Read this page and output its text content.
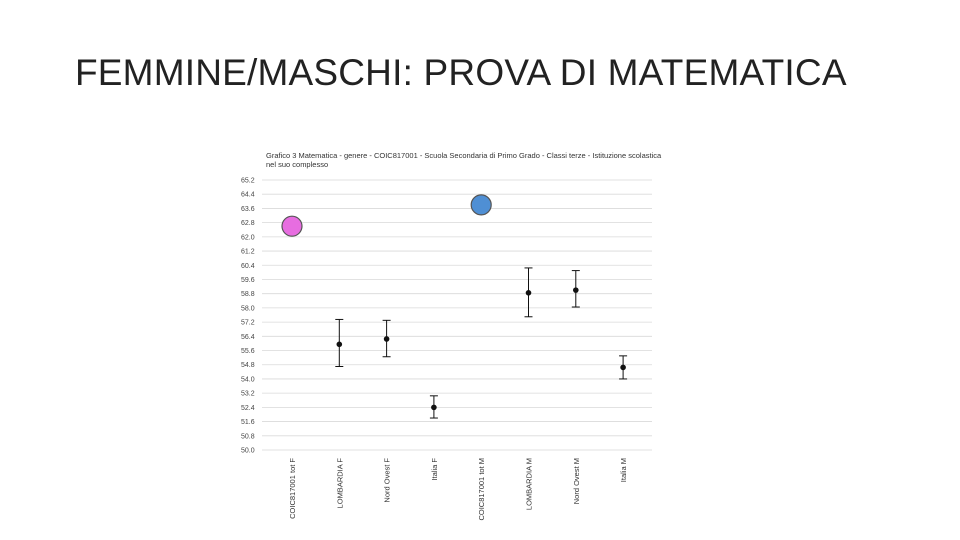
FEMMINE/MASCHI: PROVA DI MATEMATICA
Grafico 3 Matematica - genere - COIC817001 - Scuola Secondaria di Primo Grado - Classi terze - Istituzione scolastica nel suo complesso
50.0
50.8
51.6
52.4
53.2
54.0
54.8
55.6
56.4
57.2
58.0
58.8
59.6
60.4
61.2
62.0
62.8
63.6
64.4
65.2
COIC817001 tot F	LOMBARDIA F	Nord Ovest F	Italia F	COIC817001 tot M	LOMBARDIA M	Nord Ovest M	Italia M
